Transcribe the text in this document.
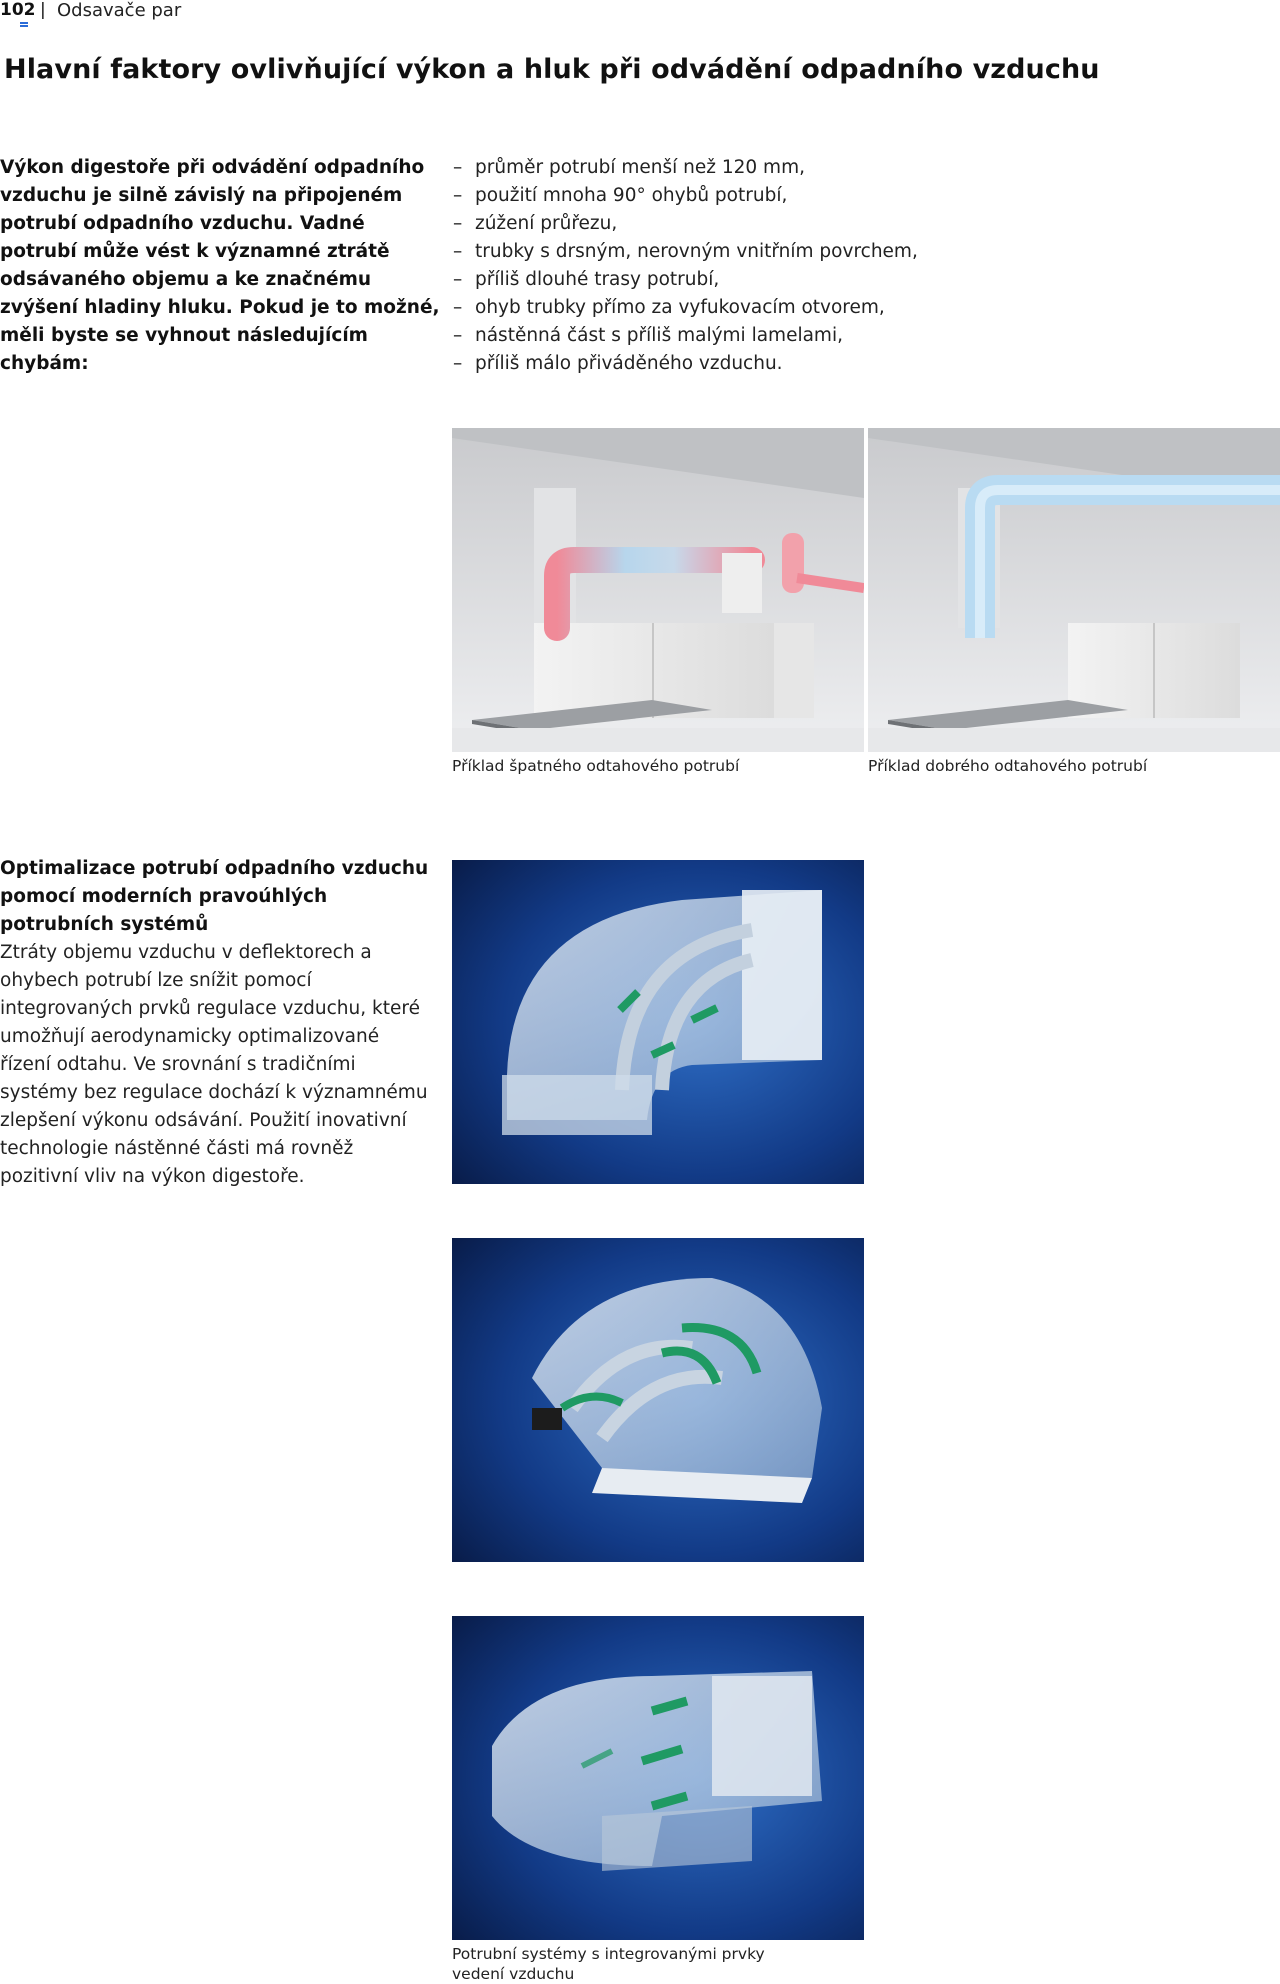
102 | Odsavače par
Hlavní faktory ovlivňující výkon a hluk při odvádění odpadního vzduchu
Výkon digestoře při odvádění odpadního vzduchu je silně závislý na připojeném potrubí odpadního vzduchu. Vadné potrubí může vést k významné ztrátě odsávaného objemu a ke značnému zvýšení hladiny hluku. Pokud je to možné, měli byste se vyhnout následujícím chybám:
– průměr potrubí menší než 120 mm,
– použití mnoha 90° ohybů potrubí,
– zúžení průřezu,
– trubky s drsným, nerovným vnitřním povrchem,
– příliš dlouhé trasy potrubí,
– ohyb trubky přímo za vyfukovacím otvorem,
– nástěnná část s příliš malými lamelami,
– příliš málo přiváděného vzduchu.
Příklad špatného odtahového potrubí	Příklad dobrého odtahového potrubí
Optimalizace potrubí odpadního vzduchu pomocí moderních pravoúhlých potrubních systémů
Ztráty objemu vzduchu v deflektorech a ohybech potrubí lze snížit pomocí integrovaných prvků regulace vzduchu, které umožňují aerodynamicky optimalizované řízení odtahu. Ve srovnání s tradičními systémy bez regulace dochází k významnému zlepšení výkonu odsávání. Použití inovativní technologie nástěnné části má rovněž pozitivní vliv na výkon digestoře.
Potrubní systémy s integrovanými prvky vedení vzduchu
